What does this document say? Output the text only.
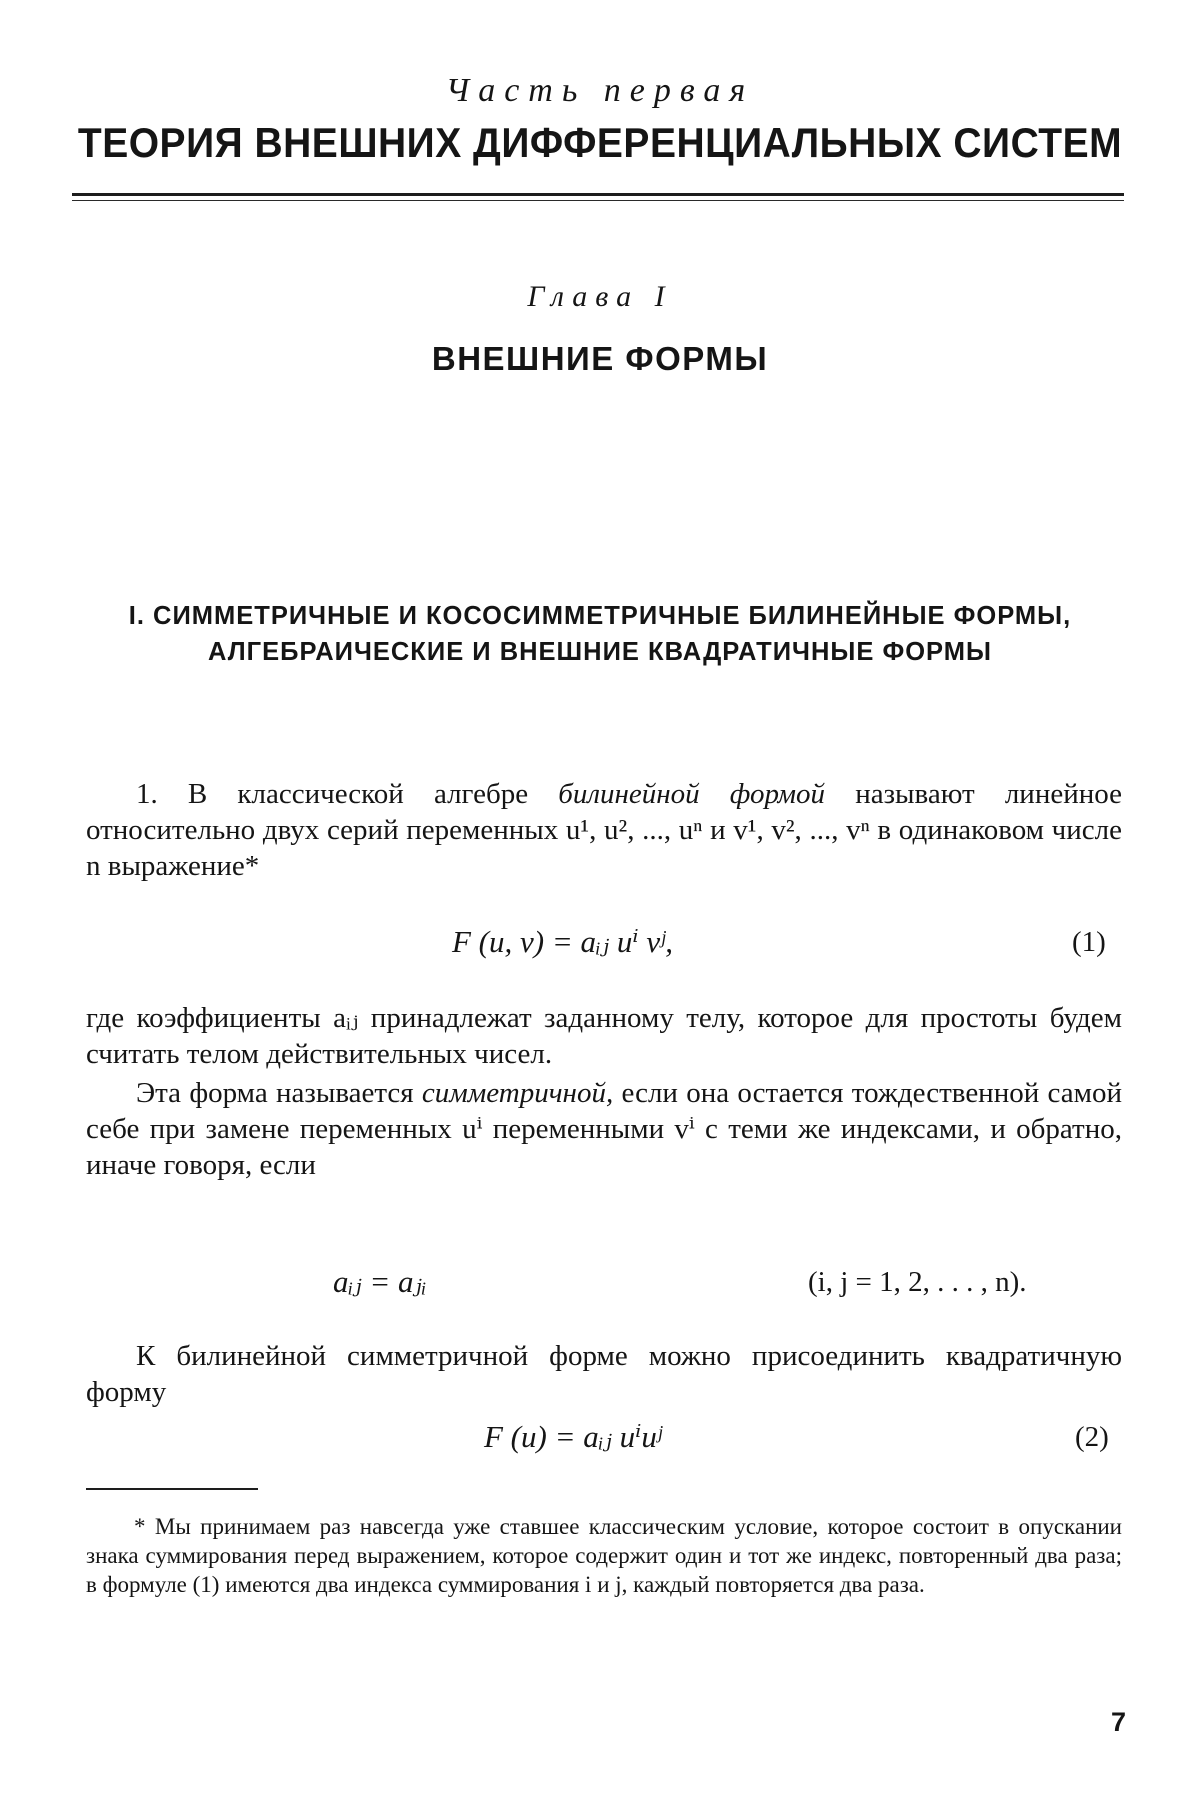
Часть первая
ТЕОРИЯ ВНЕШНИХ ДИФФЕРЕНЦИАЛЬНЫХ СИСТЕМ
Глава I
ВНЕШНИЕ ФОРМЫ
I. СИММЕТРИЧНЫЕ И КОСОСИММЕТРИЧНЫЕ БИЛИНЕЙНЫЕ ФОРМЫ, АЛГЕБРАИЧЕСКИЕ И ВНЕШНИЕ КВАДРАТИЧНЫЕ ФОРМЫ
1. В классической алгебре билинейной формой называют линейное относительно двух серий переменных u¹, u², ..., uⁿ и v¹, v², ..., vⁿ в одинаковом числе n выражение*
F (u, v) = aᵢⱼ uⁱ vʲ,	(1)
где коэффициенты aᵢⱼ принадлежат заданному телу, которое для простоты будем считать телом действительных чисел.
Эта форма называется симметричной, если она остается тождественной самой себе при замене переменных uⁱ переменными vⁱ с теми же индексами, и обратно, иначе говоря, если
aᵢⱼ = aⱼᵢ	(i, j = 1, 2, . . . , n).
К билинейной симметричной форме можно присоединить квадратичную форму
F (u) = aᵢⱼ uⁱuʲ	(2)
* Мы принимаем раз навсегда уже ставшее классическим условие, которое состоит в опускании знака суммирования перед выражением, которое содержит один и тот же индекс, повторенный два раза; в формуле (1) имеются два индекса суммирования i и j, каждый повторяется два раза.
7
